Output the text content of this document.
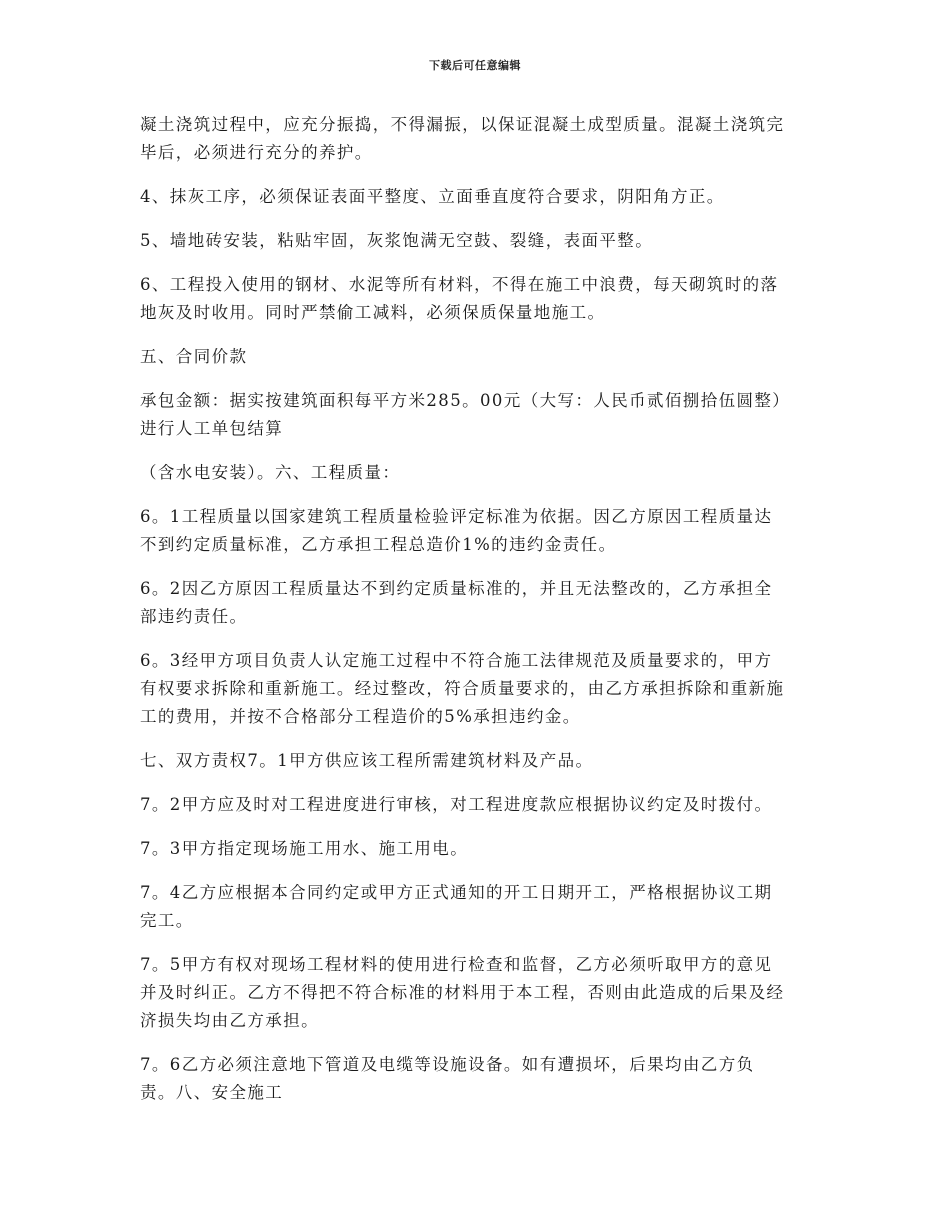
下载后可任意编辑

凝土浇筑过程中，应充分振捣，不得漏振，以保证混凝土成型质量。混凝土浇筑完
毕后，必须进行充分的养护。

4、抹灰工序，必须保证表面平整度、立面垂直度符合要求，阴阳角方正。

5、墙地砖安装，粘贴牢固，灰浆饱满无空鼓、裂缝，表面平整。

6、工程投入使用的钢材、水泥等所有材料，不得在施工中浪费，每天砌筑时的落
地灰及时收用。同时严禁偷工减料，必须保质保量地施工。

五、合同价款

承包金额：据实按建筑面积每平方米285。00元（大写：人民币贰佰捌拾伍圆整）
进行人工单包结算

（含水电安装）。六、工程质量：

6。1工程质量以国家建筑工程质量检验评定标准为依据。因乙方原因工程质量达
不到约定质量标准，乙方承担工程总造价1%的违约金责任。

6。2因乙方原因工程质量达不到约定质量标准的，并且无法整改的，乙方承担全
部违约责任。

6。3经甲方项目负责人认定施工过程中不符合施工法律规范及质量要求的，甲方
有权要求拆除和重新施工。经过整改，符合质量要求的，由乙方承担拆除和重新施
工的费用，并按不合格部分工程造价的5%承担违约金。

七、双方责权7。1甲方供应该工程所需建筑材料及产品。

7。2甲方应及时对工程进度进行审核，对工程进度款应根据协议约定及时拨付。

7。3甲方指定现场施工用水、施工用电。

7。4乙方应根据本合同约定或甲方正式通知的开工日期开工，严格根据协议工期
完工。

7。5甲方有权对现场工程材料的使用进行检查和监督，乙方必须听取甲方的意见
并及时纠正。乙方不得把不符合标准的材料用于本工程，否则由此造成的后果及经
济损失均由乙方承担。

7。6乙方必须注意地下管道及电缆等设施设备。如有遭损坏，后果均由乙方负
责。八、安全施工
